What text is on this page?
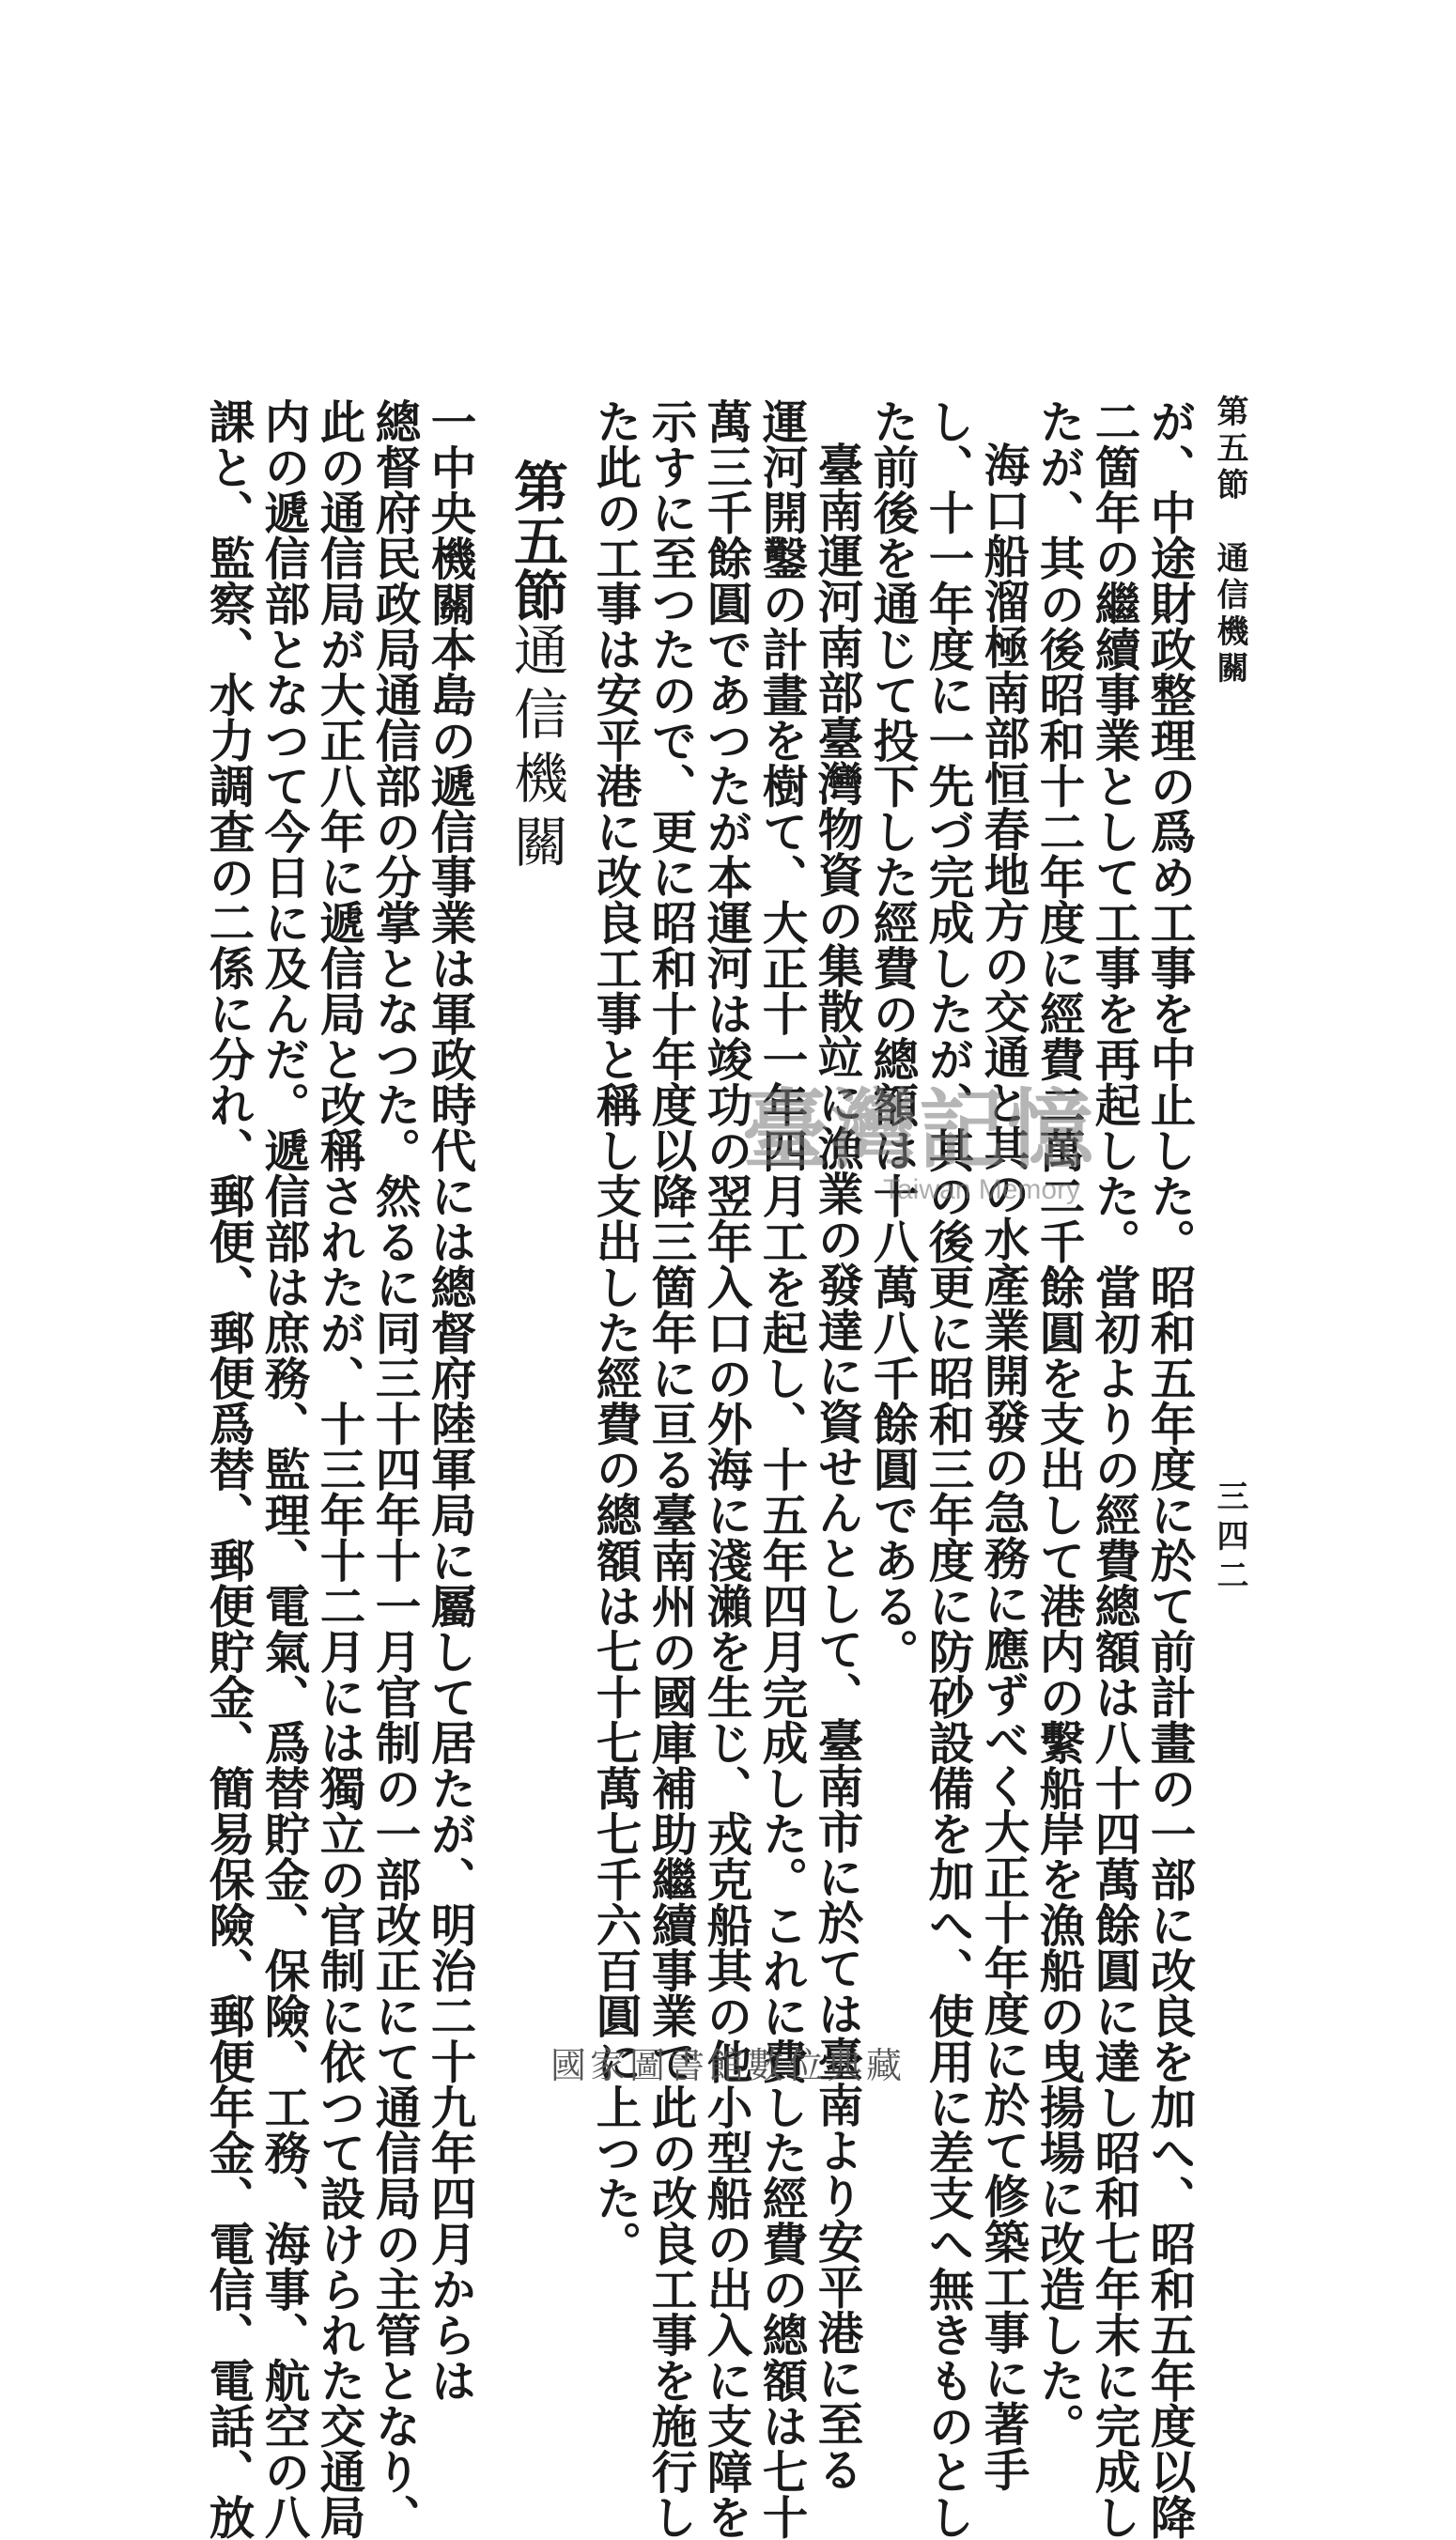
第五節　通信機關
三四二
が、中途財政整理の爲め工事を中止した。昭和五年度に於て前計畫の一部に改良を加へ、昭和五年度以降
二箇年の繼續事業として工事を再起した。當初よりの經費總額は八十四萬餘圓に達し昭和七年末に完成し
たが、其の後昭和十二年度に經費二萬二千餘圓を支出して港内の繫船岸を漁船の曳揚場に改造した。
海口船溜極南部恒春地方の交通と其の水產業開發の急務に應ずべく大正十年度に於て修築工事に著手
し、十一年度に一先づ完成したが、其の後更に昭和三年度に防砂設備を加へ、使用に差支へ無きものとし
た前後を通じて投下した經費の總額は十八萬八千餘圓である。
臺南運河南部臺灣物資の集散竝に漁業の發達に資せんとして、臺南市に於ては臺南より安平港に至る
運河開鑿の計畫を樹て、大正十一年四月工を起し、十五年四月完成した。これに費した經費の總額は七十
萬三千餘圓であつたが本運河は竣功の翌年入口の外海に淺瀨を生じ、戎克船其の他小型船の出入に支障を
示すに至つたので、更に昭和十年度以降三箇年に亘る臺南州の國庫補助繼續事業で此の改良工事を施行し
た此の工事は安平港に改良工事と稱し支出した經費の總額は七十七萬七千六百圓に上つた。
第五節通信機關
一中央機關本島の遞信事業は軍政時代には總督府陸軍局に屬して居たが、明治二十九年四月からは
總督府民政局通信部の分掌となつた。然るに同三十四年十一月官制の一部改正にて通信局の主管となり、
此の通信局が大正八年に遞信局と改稱されたが、十三年十二月には獨立の官制に依つて設けられた交通局
内の遞信部となつて今日に及んだ。遞信部は庶務、監理、電氣、爲替貯金、保險、工務、海事、航空の八
課と、監察、水力調查の二係に分れ、郵便、郵便爲替、郵便貯金、簡易保險、郵便年金、電信、電話、放	臺灣記憶
Taiwan Memory
國家圖書館數位典藏
